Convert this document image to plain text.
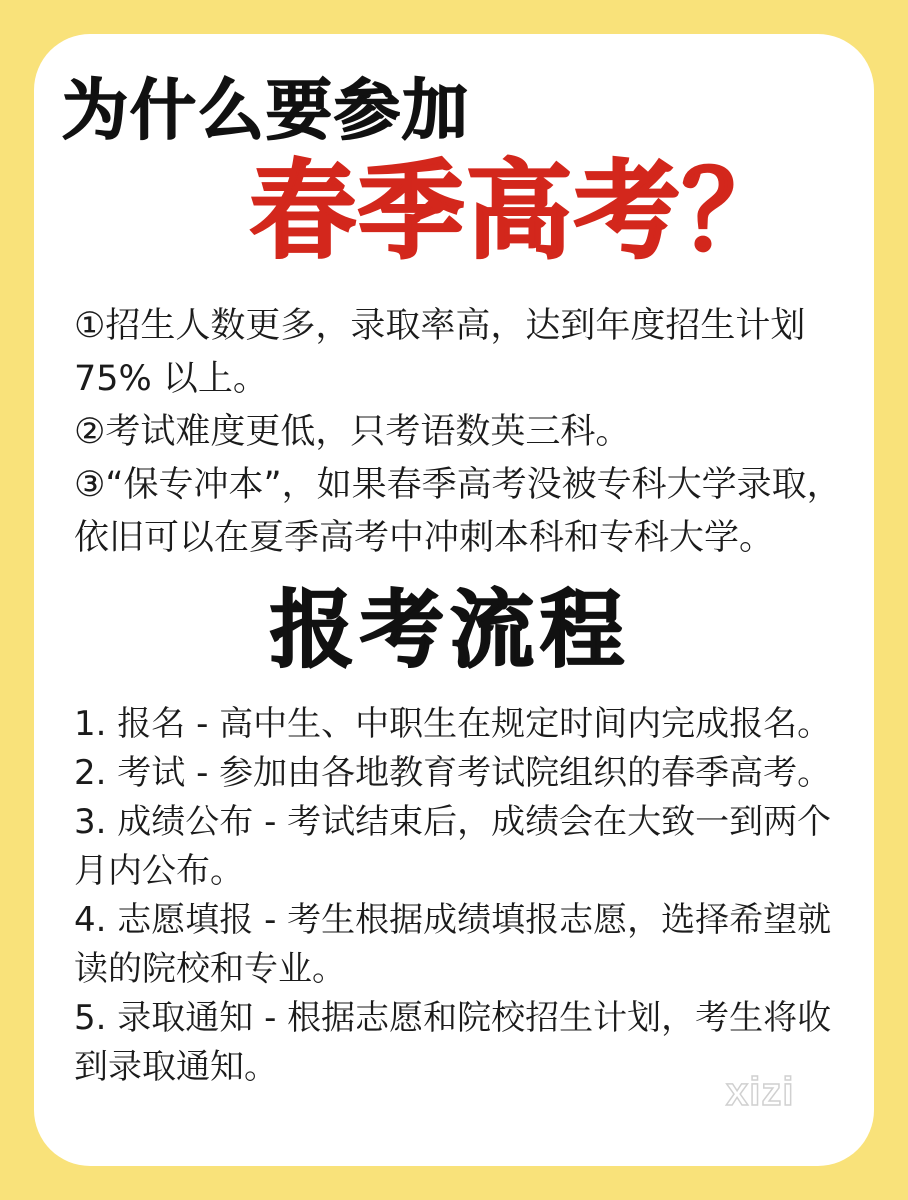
为什么要参加
春季高考？
①招生人数更多，录取率高，达到年度招生计划75% 以上。
②考试难度更低，只考语数英三科。
③“保专冲本”，如果春季高考没被专科大学录取，依旧可以在夏季高考中冲刺本科和专科大学。
报考流程
1. 报名 - 高中生、中职生在规定时间内完成报名。
2. 考试 - 参加由各地教育考试院组织的春季高考。
3. 成绩公布 - 考试结束后，成绩会在大致一到两个月内公布。
4. 志愿填报 - 考生根据成绩填报志愿，选择希望就读的院校和专业。
5. 录取通知 - 根据志愿和院校招生计划，考生将收到录取通知。
xizi
